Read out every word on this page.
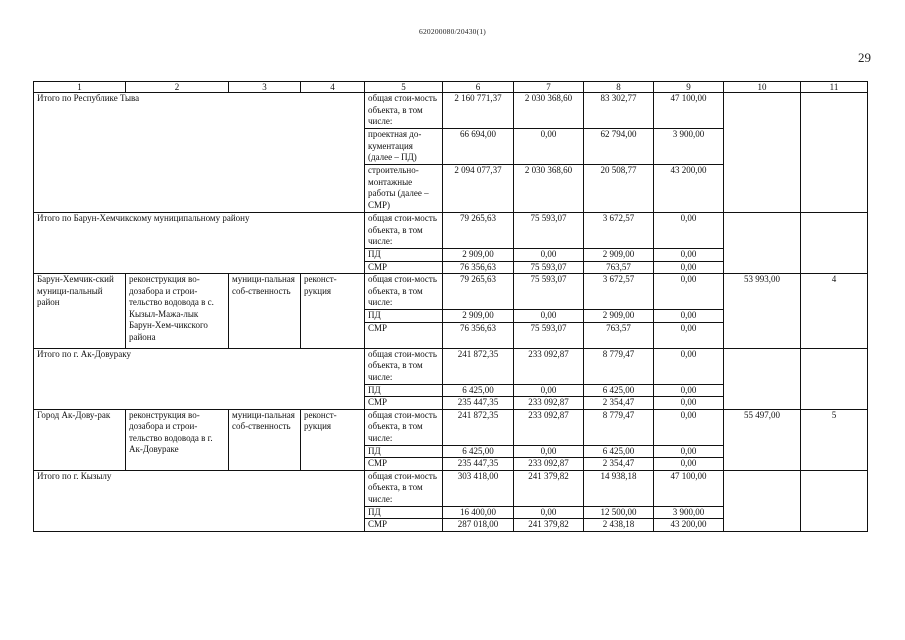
620200080/20430(1)
29
1	2	3	4	5	6	7	8	9	10	11
Итого по Республике Тыва				общая стои-мость объекта, в том числе:	2 160 771,37	2 030 368,60	83 302,77	47 100,00		
				проектная до-кументация (далее – ПД)	66 694,00	0,00	62 794,00	3 900,00		
				строительно-монтажные работы (далее – СМР)	2 094 077,37	2 030 368,60	20 508,77	43 200,00		
Итого по Барун-Хемчикскому муниципальному району				общая стои-мость объекта, в том числе:	79 265,63	75 593,07	3 672,57	0,00		
				ПД	2 909,00	0,00	2 909,00	0,00		
				СМР	76 356,63	75 593,07	763,57	0,00		
Барун-Хемчик-ский муници-пальный район	реконструкция во-дозабора и строи-тельство водовода в с. Кызыл-Мажа-лык Барун-Хем-чикского района	муници-пальная соб-ственность	реконст-рукция	общая стои-мость объекта, в том числе:	79 265,63	75 593,07	3 672,57	0,00	53 993,00	4
				ПД	2 909,00	0,00	2 909,00	0,00		
				СМР	76 356,63	75 593,07	763,57	0,00		
Итого по г. Ак-Довураку				общая стои-мость объекта, в том числе:	241 872,35	233 092,87	8 779,47	0,00		
				ПД	6 425,00	0,00	6 425,00	0,00		
				СМР	235 447,35	233 092,87	2 354,47	0,00		
Город Ак-Дову-рак	реконструкция во-дозабора и строи-тельство водовода в г. Ак-Довураке	муници-пальная соб-ственность	реконст-рукция	общая стои-мость объекта, в том числе:	241 872,35	233 092,87	8 779,47	0,00	55 497,00	5
				ПД	6 425,00	0,00	6 425,00	0,00		
				СМР	235 447,35	233 092,87	2 354,47	0,00		
Итого по г. Кызылу				общая стои-мость объекта, в том числе:	303 418,00	241 379,82	14 938,18	47 100,00		
				ПД	16 400,00	0,00	12 500,00	3 900,00		
				СМР	287 018,00	241 379,82	2 438,18	43 200,00		
